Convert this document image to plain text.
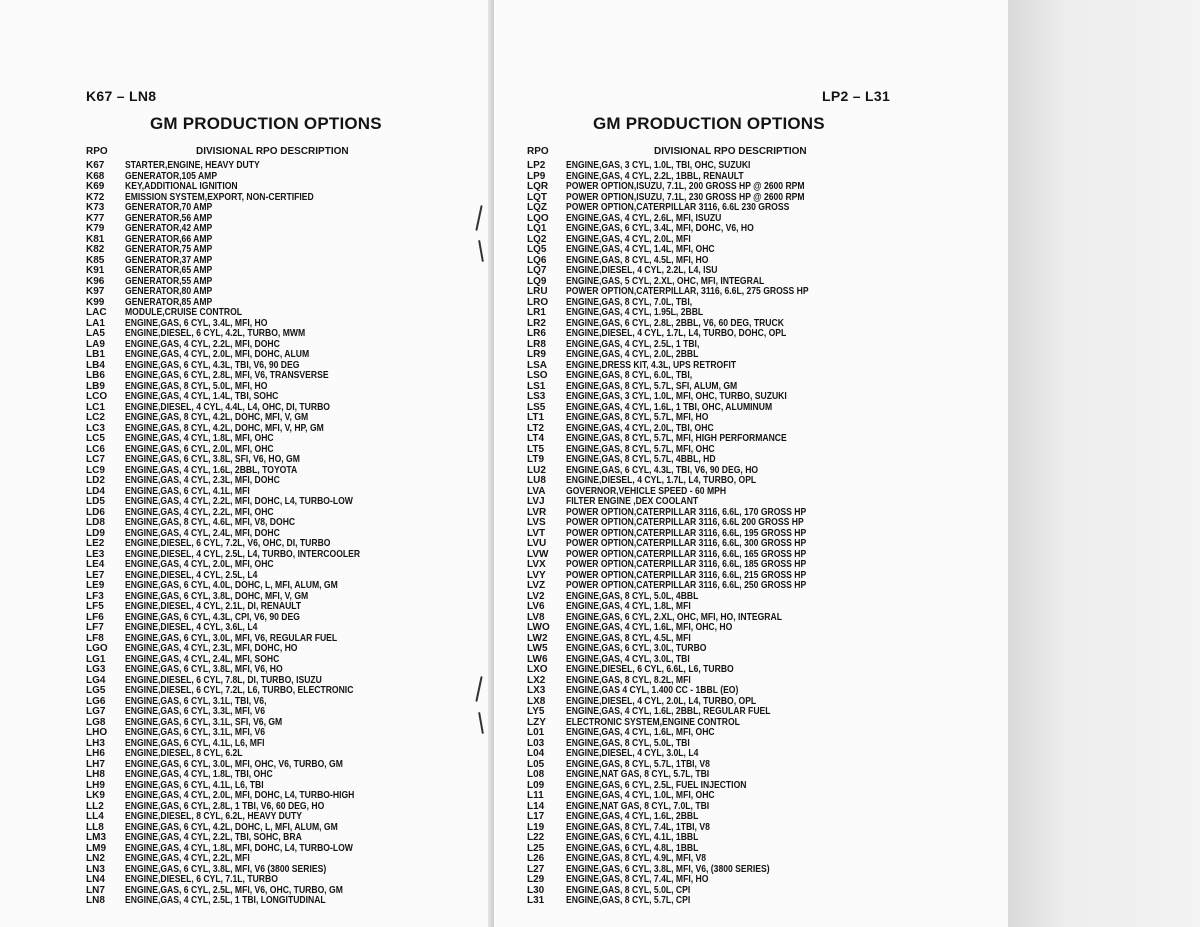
K67 – LN8
GM PRODUCTION OPTIONS
RPO	DIVISIONAL RPO DESCRIPTION
K67	STARTER,ENGINE, HEAVY DUTY
K68	GENERATOR,105 AMP
K69	KEY,ADDITIONAL IGNITION
K72	EMISSION SYSTEM,EXPORT, NON-CERTIFIED
K73	GENERATOR,70 AMP
K77	GENERATOR,56 AMP
K79	GENERATOR,42 AMP
K81	GENERATOR,66 AMP
K82	GENERATOR,75 AMP
K85	GENERATOR,37 AMP
K91	GENERATOR,65 AMP
K96	GENERATOR,55 AMP
K97	GENERATOR,80 AMP
K99	GENERATOR,85 AMP
LAC	MODULE,CRUISE CONTROL
LA1	ENGINE,GAS, 6 CYL, 3.4L, MFI, HO
LA5	ENGINE,DIESEL, 6 CYL, 4.2L, TURBO, MWM
LA9	ENGINE,GAS, 4 CYL, 2.2L, MFI, DOHC
LB1	ENGINE,GAS, 4 CYL, 2.0L, MFI, DOHC, ALUM
LB4	ENGINE,GAS, 6 CYL, 4.3L, TBI, V6, 90 DEG
LB6	ENGINE,GAS, 6 CYL, 2.8L, MFI, V6, TRANSVERSE
LB9	ENGINE,GAS, 8 CYL, 5.0L, MFI, HO
LCO	ENGINE,GAS, 4 CYL, 1.4L, TBI, SOHC
LC1	ENGINE,DIESEL, 4 CYL, 4.4L, L4, OHC, DI, TURBO
LC2	ENGINE,GAS, 8 CYL, 4.2L, DOHC, MFI, V, GM
LC3	ENGINE,GAS, 8 CYL, 4.2L, DOHC, MFI, V, HP, GM
LC5	ENGINE,GAS, 4 CYL, 1.8L, MFI, OHC
LC6	ENGINE,GAS, 6 CYL, 2.0L, MFI, OHC
LC7	ENGINE,GAS, 6 CYL, 3.8L, SFI, V6, HO, GM
LC9	ENGINE,GAS, 4 CYL, 1.6L, 2BBL, TOYOTA
LD2	ENGINE,GAS, 4 CYL, 2.3L, MFI, DOHC
LD4	ENGINE,GAS, 6 CYL, 4.1L, MFI
LD5	ENGINE,GAS, 4 CYL, 2.2L, MFI, DOHC, L4, TURBO-LOW
LD6	ENGINE,GAS, 4 CYL, 2.2L, MFI, OHC
LD8	ENGINE,GAS, 8 CYL, 4.6L, MFI, V8, DOHC
LD9	ENGINE,GAS, 4 CYL, 2.4L, MFI, DOHC
LE2	ENGINE,DIESEL, 6 CYL, 7.2L, V6, OHC, DI, TURBO
LE3	ENGINE,DIESEL, 4 CYL, 2.5L, L4, TURBO, INTERCOOLER
LE4	ENGINE,GAS, 4 CYL, 2.0L, MFI, OHC
LE7	ENGINE,DIESEL, 4 CYL, 2.5L, L4
LE9	ENGINE,GAS, 6 CYL, 4.0L, DOHC, L, MFI, ALUM, GM
LF3	ENGINE,GAS, 6 CYL, 3.8L, DOHC, MFI, V, GM
LF5	ENGINE,DIESEL, 4 CYL, 2.1L, DI, RENAULT
LF6	ENGINE,GAS, 6 CYL, 4.3L, CPI, V6, 90 DEG
LF7	ENGINE,DIESEL, 4 CYL, 3.6L, L4
LF8	ENGINE,GAS, 6 CYL, 3.0L, MFI, V6, REGULAR FUEL
LGO	ENGINE,GAS, 4 CYL, 2.3L, MFI, DOHC, HO
LG1	ENGINE,GAS, 4 CYL, 2.4L, MFI, SOHC
LG3	ENGINE,GAS, 6 CYL, 3.8L, MFI, V6, HO
LG4	ENGINE,DIESEL, 6 CYL, 7.8L, DI, TURBO, ISUZU
LG5	ENGINE,DIESEL, 6 CYL, 7.2L, L6, TURBO, ELECTRONIC
LG6	ENGINE,GAS, 6 CYL, 3.1L, TBI, V6,
LG7	ENGINE,GAS, 6 CYL, 3.3L, MFI, V6
LG8	ENGINE,GAS, 6 CYL, 3.1L, SFI, V6, GM
LHO	ENGINE,GAS, 6 CYL, 3.1L, MFI, V6
LH3	ENGINE,GAS, 6 CYL, 4.1L, L6, MFI
LH6	ENGINE,DIESEL, 8 CYL, 6.2L
LH7	ENGINE,GAS, 6 CYL, 3.0L, MFI, OHC, V6, TURBO, GM
LH8	ENGINE,GAS, 4 CYL, 1.8L, TBI, OHC
LH9	ENGINE,GAS, 6 CYL, 4.1L, L6, TBI
LK9	ENGINE,GAS, 4 CYL, 2.0L, MFI, DOHC, L4, TURBO-HIGH
LL2	ENGINE,GAS, 6 CYL, 2.8L, 1 TBI, V6, 60 DEG, HO
LL4	ENGINE,DIESEL, 8 CYL, 6.2L, HEAVY DUTY
LL8	ENGINE,GAS, 6 CYL, 4.2L, DOHC, L, MFI, ALUM, GM
LM3	ENGINE,GAS, 4 CYL, 2.2L, TBI, SOHC, BRA
LM9	ENGINE,GAS, 4 CYL, 1.8L, MFI, DOHC, L4, TURBO-LOW
LN2	ENGINE,GAS, 4 CYL, 2.2L, MFI
LN3	ENGINE,GAS, 6 CYL, 3.8L, MFI, V6 (3800 SERIES)
LN4	ENGINE,DIESEL, 6 CYL, 7.1L, TURBO
LN7	ENGINE,GAS, 6 CYL, 2.5L, MFI, V6, OHC, TURBO, GM
LN8	ENGINE,GAS, 4 CYL, 2.5L, 1 TBI, LONGITUDINAL
LP2 – L31
GM PRODUCTION OPTIONS
RPO	DIVISIONAL RPO DESCRIPTION
LP2	ENGINE,GAS, 3 CYL, 1.0L, TBI, OHC, SUZUKI
LP9	ENGINE,GAS, 4 CYL, 2.2L, 1BBL, RENAULT
LQR	POWER OPTION,ISUZU, 7.1L, 200 GROSS HP @ 2600 RPM
LQT	POWER OPTION,ISUZU, 7.1L, 230 GROSS HP @ 2600 RPM
LQZ	POWER OPTION,CATERPILLAR 3116, 6.6L 230 GROSS
LQO	ENGINE,GAS, 4 CYL, 2.6L, MFI, ISUZU
LQ1	ENGINE,GAS, 6 CYL, 3.4L, MFI, DOHC, V6, HO
LQ2	ENGINE,GAS, 4 CYL, 2.0L, MFI
LQ5	ENGINE,GAS, 4 CYL, 1.4L, MFI, OHC
LQ6	ENGINE,GAS, 8 CYL, 4.5L, MFI, HO
LQ7	ENGINE,DIESEL, 4 CYL, 2.2L, L4, ISU
LQ9	ENGINE,GAS, 5 CYL, 2.XL, OHC, MFI, INTEGRAL
LRU	POWER OPTION,CATERPILLAR, 3116, 6.6L, 275 GROSS HP
LRO	ENGINE,GAS, 8 CYL, 7.0L, TBI,
LR1	ENGINE,GAS, 4 CYL, 1.95L, 2BBL
LR2	ENGINE,GAS, 6 CYL, 2.8L, 2BBL, V6, 60 DEG, TRUCK
LR6	ENGINE,DIESEL, 4 CYL, 1.7L, L4, TURBO, DOHC, OPL
LR8	ENGINE,GAS, 4 CYL, 2.5L, 1 TBI,
LR9	ENGINE,GAS, 4 CYL, 2.0L, 2BBL
LSA	ENGINE,DRESS KIT, 4.3L, UPS RETROFIT
LSO	ENGINE,GAS, 8 CYL, 6.0L, TBI,
LS1	ENGINE,GAS, 8 CYL, 5.7L, SFI, ALUM, GM
LS3	ENGINE,GAS, 3 CYL, 1.0L, MFI, OHC, TURBO, SUZUKI
LS5	ENGINE,GAS, 4 CYL, 1.6L, 1 TBI, OHC, ALUMINUM
LT1	ENGINE,GAS, 8 CYL, 5.7L, MFI, HO
LT2	ENGINE,GAS, 4 CYL, 2.0L, TBI, OHC
LT4	ENGINE,GAS, 8 CYL, 5.7L, MFI, HIGH PERFORMANCE
LT5	ENGINE,GAS, 8 CYL, 5.7L, MFI, OHC
LT9	ENGINE,GAS, 8 CYL, 5.7L, 4BBL, HD
LU2	ENGINE,GAS, 6 CYL, 4.3L, TBI, V6, 90 DEG, HO
LU8	ENGINE,DIESEL, 4 CYL, 1.7L, L4, TURBO, OPL
LVA	GOVERNOR,VEHICLE SPEED - 60 MPH
LVJ	FILTER ENGINE ,DEX COOLANT
LVR	POWER OPTION,CATERPILLAR 3116, 6.6L, 170 GROSS HP
LVS	POWER OPTION,CATERPILLAR 3116, 6.6L 200 GROSS HP
LVT	POWER OPTION,CATERPILLAR 3116, 6.6L, 195 GROSS HP
LVU	POWER OPTION,CATERPILLAR 3116, 6.6L, 300 GROSS HP
LVW	POWER OPTION,CATERPILLAR 3116, 6.6L, 165 GROSS HP
LVX	POWER OPTION,CATERPILLAR 3116, 6.6L, 185 GROSS HP
LVY	POWER OPTION,CATERPILLAR 3116, 6.6L, 215 GROSS HP
LVZ	POWER OPTION,CATERPILLAR 3116, 6.6L, 250 GROSS HP
LV2	ENGINE,GAS, 8 CYL, 5.0L, 4BBL
LV6	ENGINE,GAS, 4 CYL, 1.8L, MFI
LV8	ENGINE,GAS, 6 CYL, 2.XL, OHC, MFI, HO, INTEGRAL
LWO	ENGINE,GAS, 4 CYL, 1.6L, MFI, OHC, HO
LW2	ENGINE,GAS, 8 CYL, 4.5L, MFI
LW5	ENGINE,GAS, 6 CYL, 3.0L, TURBO
LW6	ENGINE,GAS, 4 CYL, 3.0L, TBI
LXO	ENGINE,DIESEL, 6 CYL, 6.6L, L6, TURBO
LX2	ENGINE,GAS, 8 CYL, 8.2L, MFI
LX3	ENGINE,GAS 4 CYL, 1.400 CC - 1BBL (EO)
LX8	ENGINE,DIESEL, 4 CYL, 2.0L, L4, TURBO, OPL
LY5	ENGINE,GAS, 4 CYL, 1.6L, 2BBL, REGULAR FUEL
LZY	ELECTRONIC SYSTEM,ENGINE CONTROL
L01	ENGINE,GAS, 4 CYL, 1.6L, MFI, OHC
L03	ENGINE,GAS, 8 CYL, 5.0L, TBI
L04	ENGINE,DIESEL, 4 CYL, 3.0L, L4
L05	ENGINE,GAS, 8 CYL, 5.7L, 1TBI, V8
L08	ENGINE,NAT GAS, 8 CYL, 5.7L, TBI
L09	ENGINE,GAS, 6 CYL, 2.5L, FUEL INJECTION
L11	ENGINE,GAS, 4 CYL, 1.0L, MFI, OHC
L14	ENGINE,NAT GAS, 8 CYL, 7.0L, TBI
L17	ENGINE,GAS, 4 CYL, 1.6L, 2BBL
L19	ENGINE,GAS, 8 CYL, 7.4L, 1TBI, V8
L22	ENGINE,GAS, 6 CYL, 4.1L, 1BBL
L25	ENGINE,GAS, 6 CYL, 4.8L, 1BBL
L26	ENGINE,GAS, 8 CYL, 4.9L, MFI, V8
L27	ENGINE,GAS, 6 CYL, 3.8L, MFI, V6, (3800 SERIES)
L29	ENGINE,GAS, 8 CYL, 7.4L, MFI, HO
L30	ENGINE,GAS, 8 CYL, 5.0L, CPI
L31	ENGINE,GAS, 8 CYL, 5.7L, CPI
